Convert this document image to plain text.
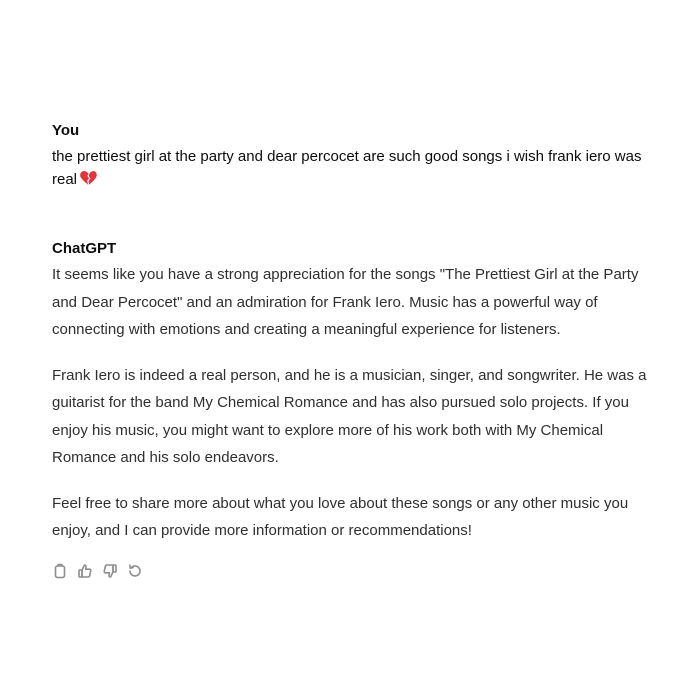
You

the prettiest girl at the party and dear percocet are such good songs i wish frank iero was real

ChatGPT

It seems like you have a strong appreciation for the songs "The Prettiest Girl at the Party and Dear Percocet" and an admiration for Frank Iero. Music has a powerful way of connecting with emotions and creating a meaningful experience for listeners.

Frank Iero is indeed a real person, and he is a musician, singer, and songwriter. He was a guitarist for the band My Chemical Romance and has also pursued solo projects. If you enjoy his music, you might want to explore more of his work both with My Chemical Romance and his solo endeavors.

Feel free to share more about what you love about these songs or any other music you enjoy, and I can provide more information or recommendations!
